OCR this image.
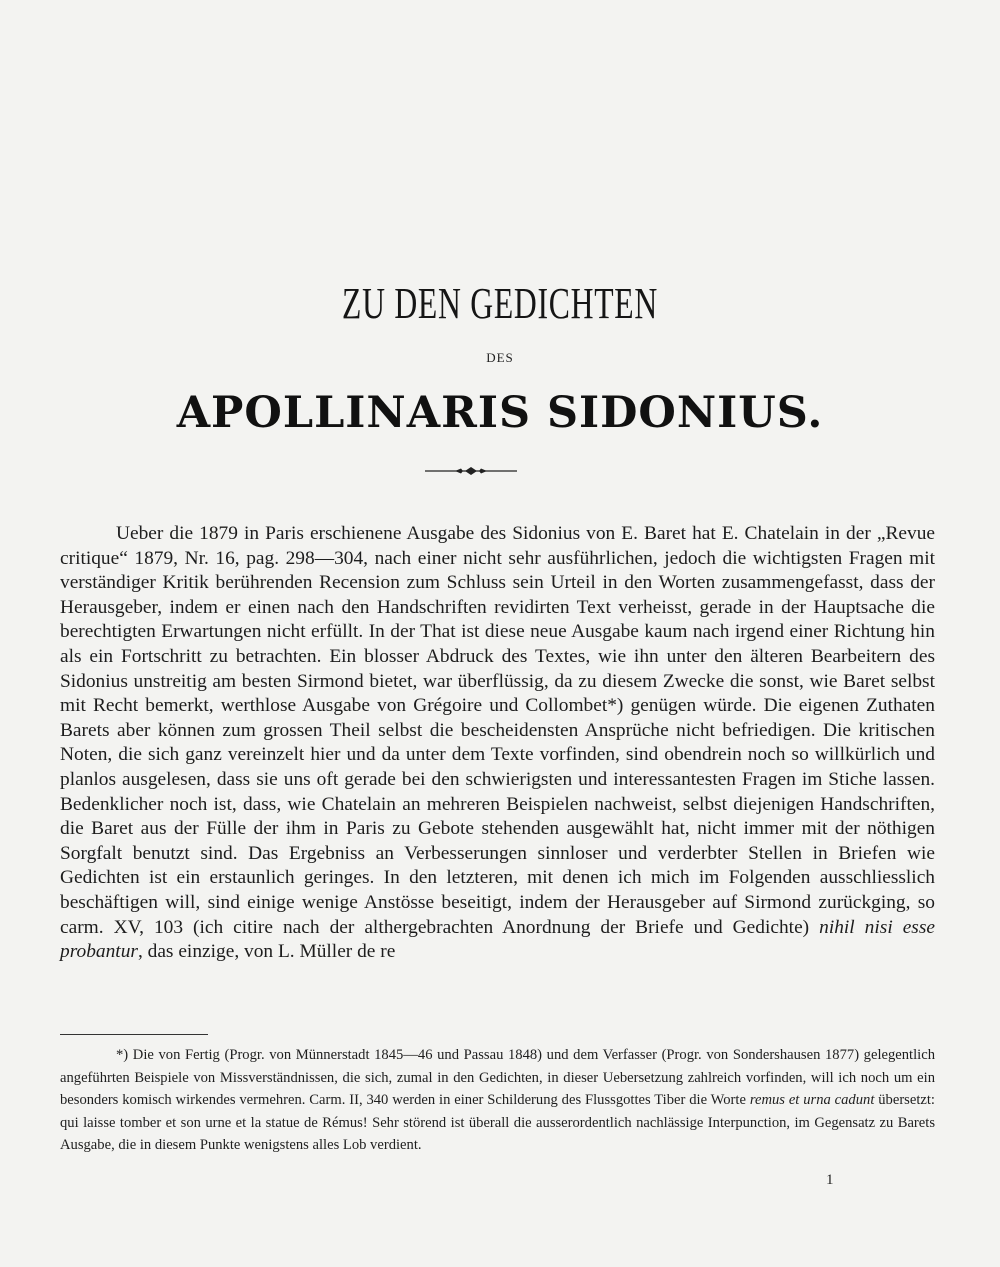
ZU DEN GEDICHTEN
DES
APOLLINARIS SIDONIUS.

Ueber die 1879 in Paris erschienene Ausgabe des Sidonius von E. Baret hat E. Chatelain in der „Revue critique“ 1879, Nr. 16, pag. 298—304, nach einer nicht sehr ausführlichen, jedoch die wichtigsten Fragen mit verständiger Kritik berührenden Recension zum Schluss sein Urteil in den Worten zusammengefasst, dass der Herausgeber, indem er einen nach den Handschriften revidirten Text verheisst, gerade in der Hauptsache die berechtigten Erwartungen nicht erfüllt. In der That ist diese neue Ausgabe kaum nach irgend einer Richtung hin als ein Fortschritt zu betrachten. Ein blosser Abdruck des Textes, wie ihn unter den älteren Bearbeitern des Sidonius unstreitig am besten Sirmond bietet, war überflüssig, da zu diesem Zwecke die sonst, wie Baret selbst mit Recht bemerkt, werthlose Ausgabe von Grégoire und Collombet*) genügen würde. Die eigenen Zuthaten Barets aber können zum grossen Theil selbst die bescheidensten Ansprüche nicht befriedigen. Die kritischen Noten, die sich ganz vereinzelt hier und da unter dem Texte vorfinden, sind obendrein noch so willkürlich und planlos ausgelesen, dass sie uns oft gerade bei den schwierigsten und interessantesten Fragen im Stiche lassen. Bedenklicher noch ist, dass, wie Chatelain an mehreren Beispielen nachweist, selbst diejenigen Handschriften, die Baret aus der Fülle der ihm in Paris zu Gebote stehenden ausgewählt hat, nicht immer mit der nöthigen Sorgfalt benutzt sind. Das Ergebniss an Verbesserungen sinnloser und verderbter Stellen in Briefen wie Gedichten ist ein erstaunlich geringes. In den letzteren, mit denen ich mich im Folgenden ausschliesslich beschäftigen will, sind einige wenige Anstösse beseitigt, indem der Herausgeber auf Sirmond zurückging, so carm. XV, 103 (ich citire nach der althergebrachten Anordnung der Briefe und Gedichte) nihil nisi esse probantur, das einzige, von L. Müller de re

*) Die von Fertig (Progr. von Münnerstadt 1845—46 und Passau 1848) und dem Verfasser (Progr. von Sondershausen 1877) gelegentlich angeführten Beispiele von Missverständnissen, die sich, zumal in den Gedichten, in dieser Uebersetzung zahlreich vorfinden, will ich noch um ein besonders komisch wirkendes vermehren. Carm. II, 340 werden in einer Schilderung des Flussgottes Tiber die Worte remus et urna cadunt übersetzt: qui laisse tomber et son urne et la statue de Rémus! Sehr störend ist überall die ausserordentlich nachlässige Interpunction, im Gegensatz zu Barets Ausgabe, die in diesem Punkte wenigstens alles Lob verdient.

1
